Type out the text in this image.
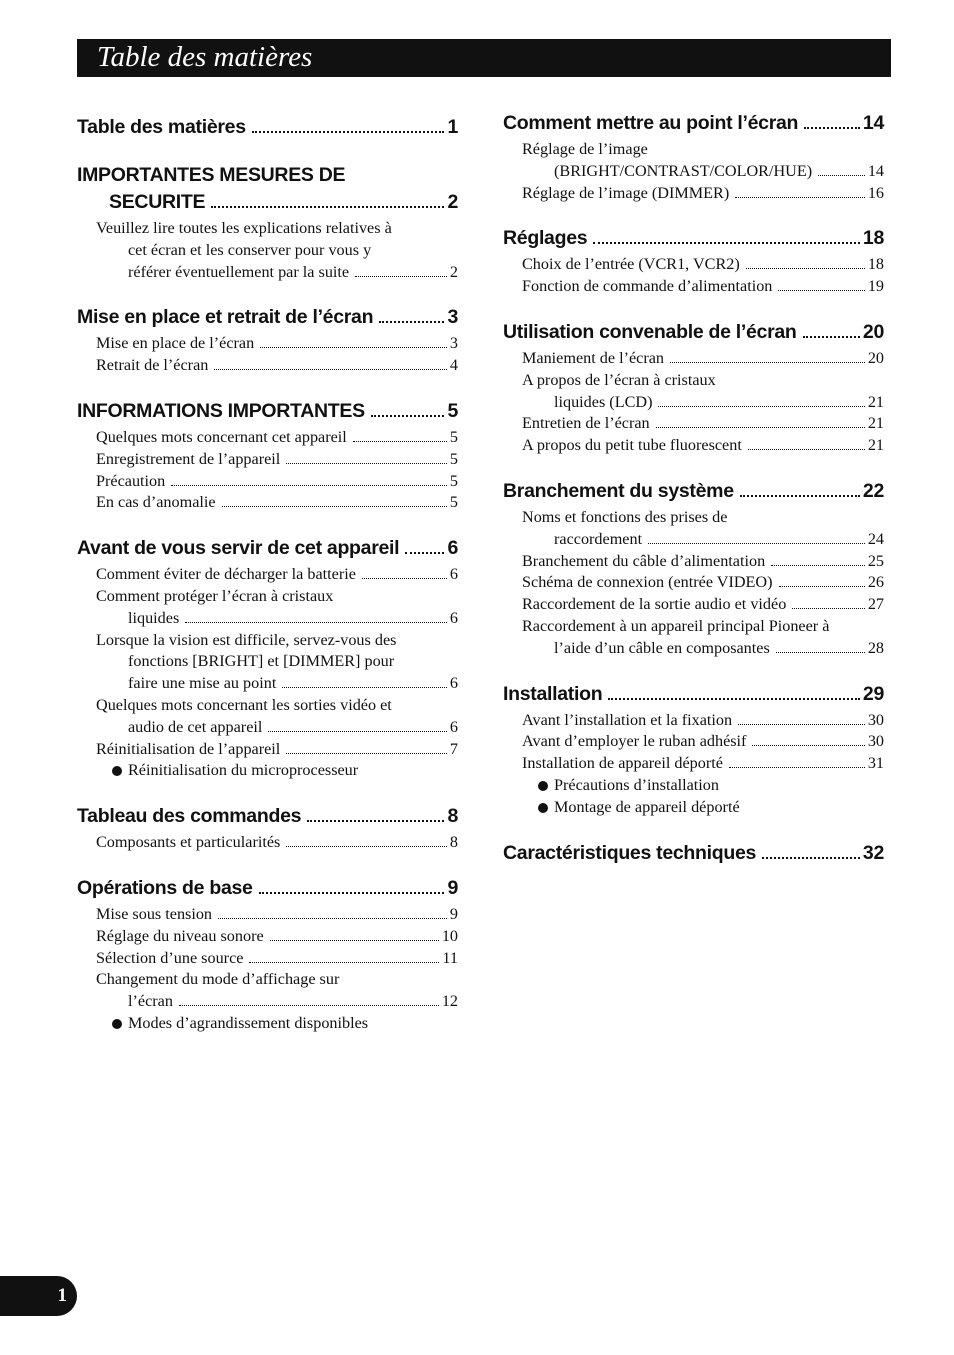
Table des matières
Table des matières	1
IMPORTANTES MESURES DE
SECURITE	2
Veuillez lire toutes les explications relatives à
cet écran et les conserver pour vous y
référer éventuellement par la suite	2
Mise en place et retrait de l’écran	3
Mise en place de l’écran	3
Retrait de l’écran	4
INFORMATIONS IMPORTANTES	5
Quelques mots concernant cet appareil	5
Enregistrement de l’appareil	5
Précaution	5
En cas d’anomalie	5
Avant de vous servir de cet appareil 6
Comment éviter de décharger la batterie	6
Comment protéger l’écran à cristaux
liquides	6
Lorsque la vision est difficile, servez-vous des
fonctions [BRIGHT] et [DIMMER] pour
faire une mise au point	6
Quelques mots concernant les sorties vidéo et
audio de cet appareil	6
Réinitialisation de l’appareil	7
Réinitialisation du microprocesseur
Tableau des commandes	8
Composants et particularités	8
Opérations de base	9
Mise sous tension	9
Réglage du niveau sonore	10
Sélection d’une source	11
Changement du mode d’affichage sur
l’écran	12
Modes d’agrandissement disponibles
Comment mettre au point l’écran	14
Réglage de l’image
(BRIGHT/CONTRAST/COLOR/HUE)	14
Réglage de l’image (DIMMER)	16
Réglages	18
Choix de l’entrée (VCR1, VCR2)	18
Fonction de commande d’alimentation	19
Utilisation convenable de l’écran	20
Maniement de l’écran	20
A propos de l’écran à cristaux
liquides (LCD)	21
Entretien de l’écran	21
A propos du petit tube fluorescent	21
Branchement du système	22
Noms et fonctions des prises de
raccordement	24
Branchement du câble d’alimentation	25
Schéma de connexion (entrée VIDEO)	26
Raccordement de la sortie audio et vidéo	27
Raccordement à un appareil principal Pioneer à
l’aide d’un câble en composantes	28
Installation	29
Avant l’installation et la fixation	30
Avant d’employer le ruban adhésif	30
Installation de appareil déporté	31
Précautions d’installation
Montage de appareil déporté
Caractéristiques techniques	32
1
